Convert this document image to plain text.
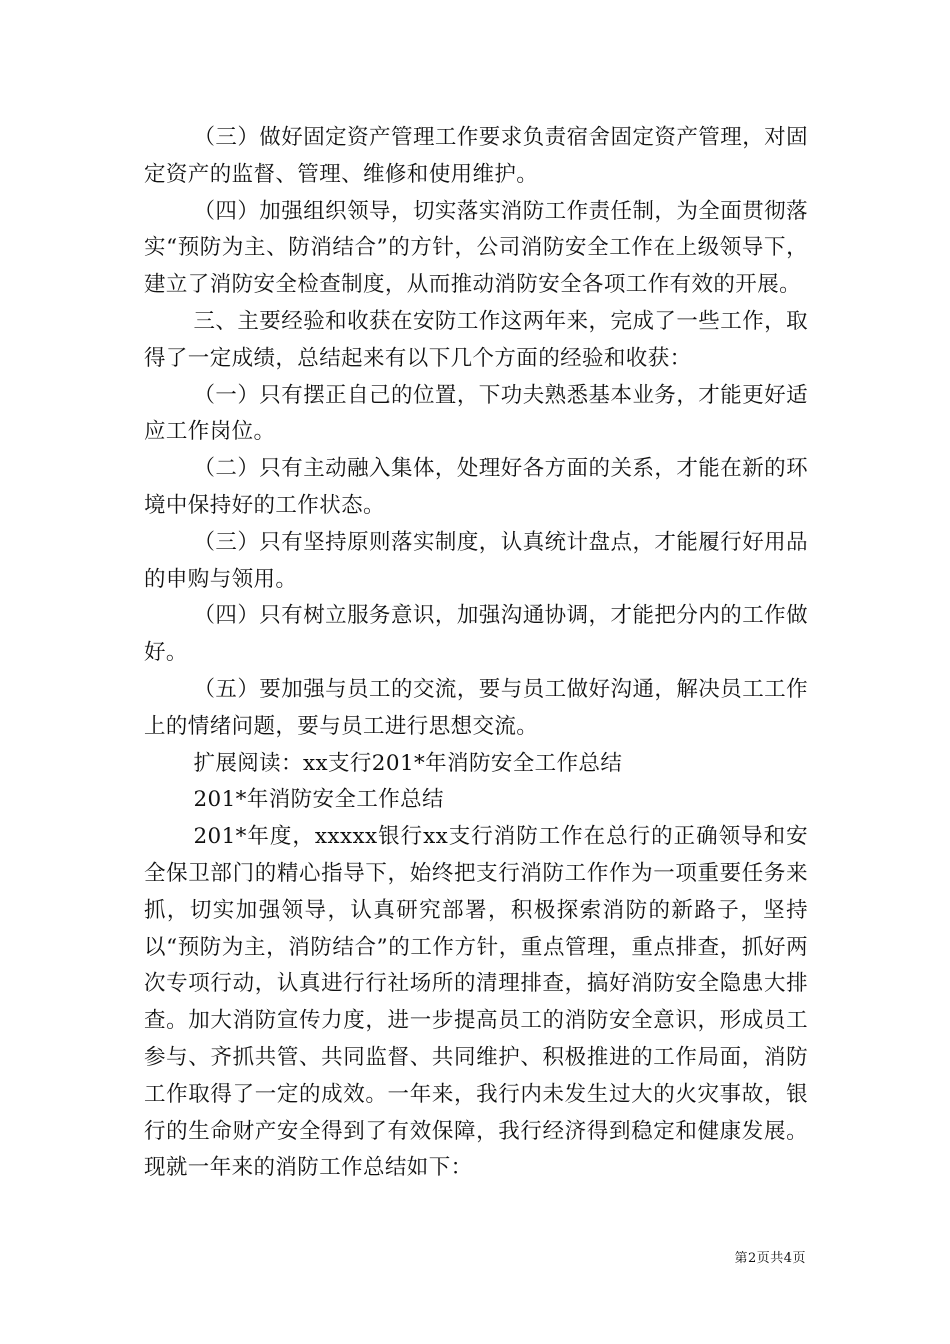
（三）做好固定资产管理工作要求负责宿舍固定资产管理，对固定资产的监督、管理、维修和使用维护。

（四）加强组织领导，切实落实消防工作责任制，为全面贯彻落实“预防为主、防消结合”的方针，公司消防安全工作在上级领导下，建立了消防安全检查制度，从而推动消防安全各项工作有效的开展。

三、主要经验和收获在安防工作这两年来，完成了一些工作，取得了一定成绩，总结起来有以下几个方面的经验和收获：

（一）只有摆正自己的位置，下功夫熟悉基本业务，才能更好适应工作岗位。

（二）只有主动融入集体，处理好各方面的关系，才能在新的环境中保持好的工作状态。

（三）只有坚持原则落实制度，认真统计盘点，才能履行好用品的申购与领用。

（四）只有树立服务意识，加强沟通协调，才能把分内的工作做好。

（五）要加强与员工的交流，要与员工做好沟通，解决员工工作上的情绪问题，要与员工进行思想交流。

扩展阅读：xx支行201*年消防安全工作总结

201*年消防安全工作总结

201*年度，xxxxx银行xx支行消防工作在总行的正确领导和安全保卫部门的精心指导下，始终把支行消防工作作为一项重要任务来抓，切实加强领导，认真研究部署，积极探索消防的新路子，坚持以“预防为主，消防结合”的工作方针，重点管理，重点排查，抓好两次专项行动，认真进行行社场所的清理排查，搞好消防安全隐患大排查。加大消防宣传力度，进一步提高员工的消防安全意识，形成员工参与、齐抓共管、共同监督、共同维护、积极推进的工作局面，消防工作取得了一定的成效。一年来，我行内未发生过大的火灾事故，银行的生命财产安全得到了有效保障，我行经济得到稳定和健康发展。现就一年来的消防工作总结如下：

第2页共4页
